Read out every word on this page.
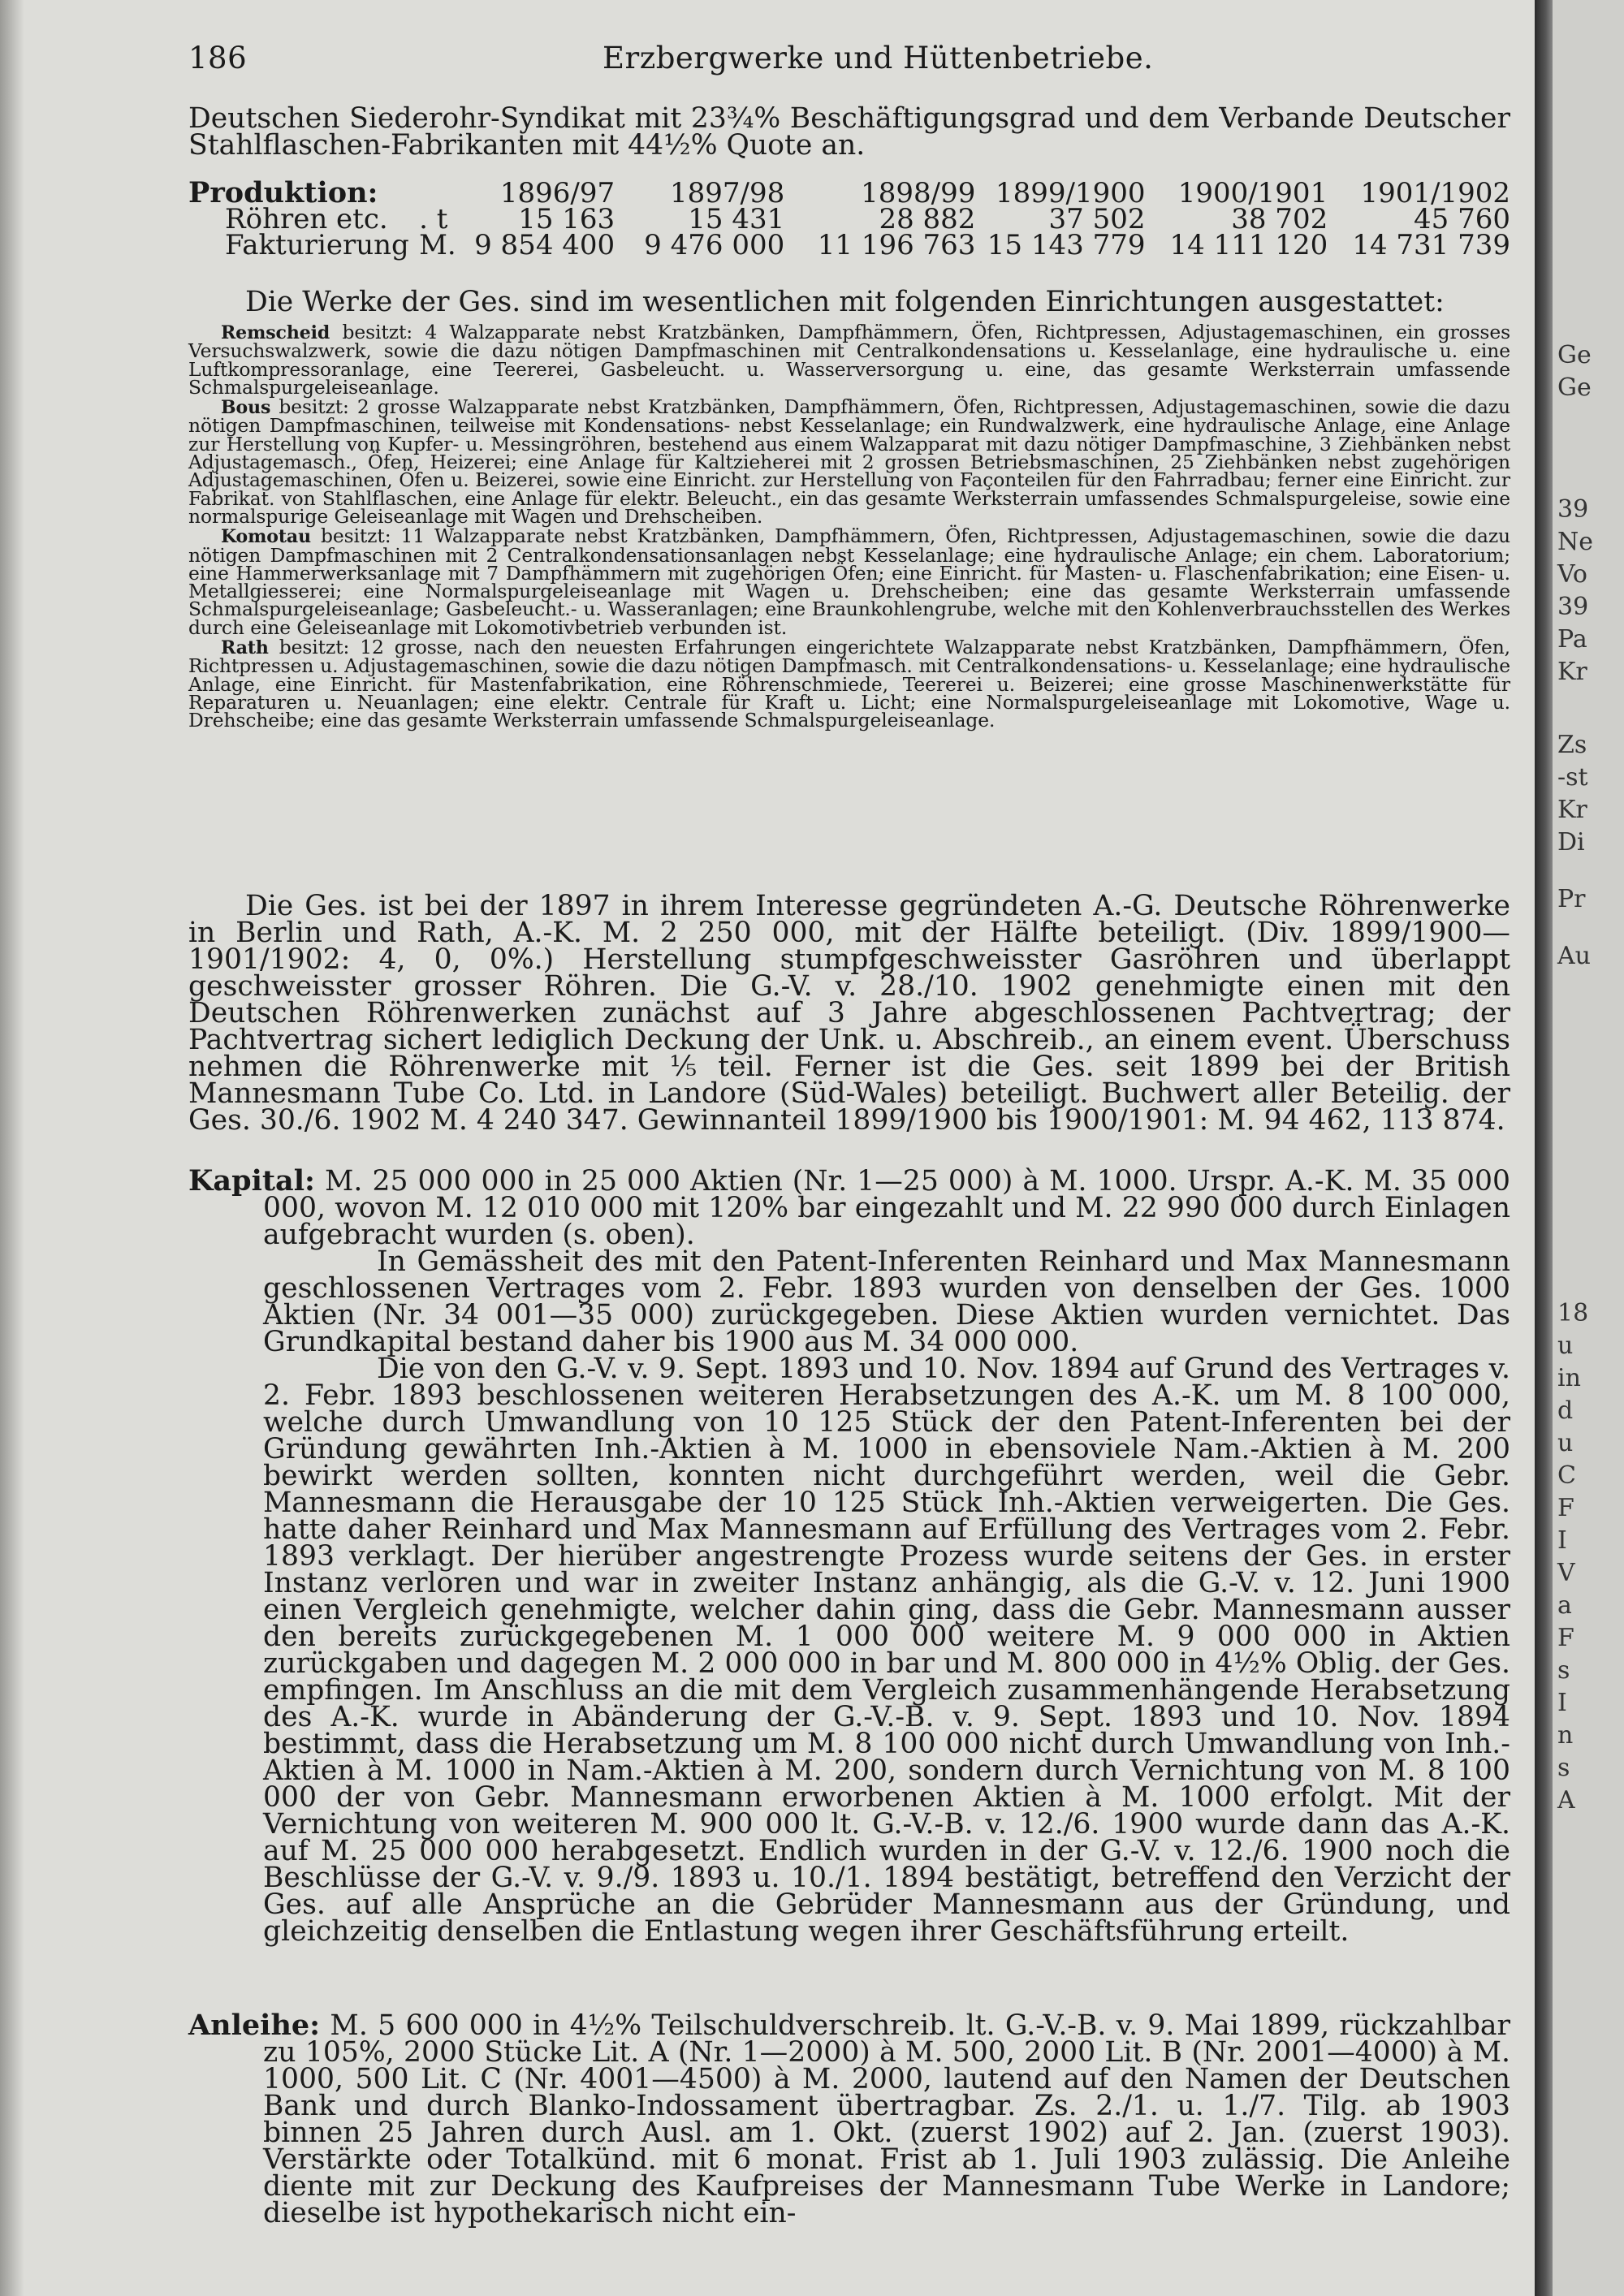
Ge
Ge
39
Ne
Vo
39
Pa
Kr
Zs
-st
Kr
Di
Pr
Au
18
u
in
d
u
C
F
I
V
a
F
s
I
n
s
A
186	Erzbergwerke und Hüttenbetriebe.

Deutschen Siederohr-Syndikat mit 23¾% Beschäftigungsgrad und dem Verbande Deutscher Stahlflaschen-Fabrikanten mit 44½% Quote an.

Produktion:		1896/97	1897/98	1898/99	1899/1900	1900/1901	1901/1902
Röhren etc.	. t	15 163	15 431	28 882	37 502	38 702	45 760
Fakturierung	M.	9 854 400	9 476 000	11 196 763	15 143 779	14 111 120	14 731 739

Die Werke der Ges. sind im wesentlichen mit folgenden Einrichtungen ausgestattet:

Remscheid besitzt: 4 Walzapparate nebst Kratzbänken, Dampfhämmern, Öfen, Richtpressen, Adjustagemaschinen, ein grosses Versuchswalzwerk, sowie die dazu nötigen Dampfmaschinen mit Centralkondensations u. Kesselanlage, eine hydraulische u. eine Luftkompressoranlage, eine Teererei, Gasbeleucht. u. Wasserversorgung u. eine, das gesamte Werksterrain umfassende Schmalspurgeleiseanlage.

Bous besitzt: 2 grosse Walzapparate nebst Kratzbänken, Dampfhämmern, Öfen, Richtpressen, Adjustagemaschinen, sowie die dazu nötigen Dampfmaschinen, teilweise mit Kondensations- nebst Kesselanlage; ein Rundwalzwerk, eine hydraulische Anlage, eine Anlage zur Herstellung von Kupfer- u. Messingröhren, bestehend aus einem Walzapparat mit dazu nötiger Dampfmaschine, 3 Ziehbänken nebst Adjustagemasch., Öfen, Heizerei; eine Anlage für Kaltzieherei mit 2 grossen Betriebsmaschinen, 25 Ziehbänken nebst zugehörigen Adjustagemaschinen, Öfen u. Beizerei, sowie eine Einricht. zur Herstellung von Façonteilen für den Fahrradbau; ferner eine Einricht. zur Fabrikat. von Stahlflaschen, eine Anlage für elektr. Beleucht., ein das gesamte Werksterrain umfassendes Schmalspurgeleise, sowie eine normalspurige Geleiseanlage mit Wagen und Drehscheiben.

Komotau besitzt: 11 Walzapparate nebst Kratzbänken, Dampfhämmern, Öfen, Richtpressen, Adjustagemaschinen, sowie die dazu nötigen Dampfmaschinen mit 2 Centralkondensationsanlagen nebst Kesselanlage; eine hydraulische Anlage; ein chem. Laboratorium; eine Hammerwerksanlage mit 7 Dampfhämmern mit zugehörigen Öfen; eine Einricht. für Masten- u. Flaschenfabrikation; eine Eisen- u. Metallgiesserei; eine Normalspurgeleiseanlage mit Wagen u. Drehscheiben; eine das gesamte Werksterrain umfassende Schmalspurgeleiseanlage; Gasbeleucht.- u. Wasseranlagen; eine Braunkohlengrube, welche mit den Kohlenverbrauchsstellen des Werkes durch eine Geleiseanlage mit Lokomotivbetrieb verbunden ist.

Rath besitzt: 12 grosse, nach den neuesten Erfahrungen eingerichtete Walzapparate nebst Kratzbänken, Dampfhämmern, Öfen, Richtpressen u. Adjustagemaschinen, sowie die dazu nötigen Dampfmasch. mit Centralkondensations- u. Kesselanlage; eine hydraulische Anlage, eine Einricht. für Mastenfabrikation, eine Röhrenschmiede, Teererei u. Beizerei; eine grosse Maschinenwerkstätte für Reparaturen u. Neuanlagen; eine elektr. Centrale für Kraft u. Licht; eine Normalspurgeleiseanlage mit Lokomotive, Wage u. Drehscheibe; eine das gesamte Werksterrain umfassende Schmalspurgeleiseanlage.

Die Ges. ist bei der 1897 in ihrem Interesse gegründeten A.-G. Deutsche Röhrenwerke in Berlin und Rath, A.-K. M. 2 250 000, mit der Hälfte beteiligt. (Div. 1899/1900—1901/1902: 4, 0, 0%.) Herstellung stumpfgeschweisster Gasröhren und überlappt geschweisster grosser Röhren. Die G.-V. v. 28./10. 1902 genehmigte einen mit den Deutschen Röhrenwerken zunächst auf 3 Jahre abgeschlossenen Pachtvertrag; der Pachtvertrag sichert lediglich Deckung der Unk. u. Abschreib., an einem event. Überschuss nehmen die Röhrenwerke mit ⅕ teil. Ferner ist die Ges. seit 1899 bei der British Mannesmann Tube Co. Ltd. in Landore (Süd-Wales) beteiligt. Buchwert aller Beteilig. der Ges. 30./6. 1902 M. 4 240 347. Gewinnanteil 1899/1900 bis 1900/1901: M. 94 462, 113 874.

Kapital: M. 25 000 000 in 25 000 Aktien (Nr. 1—25 000) à M. 1000. Urspr. A.-K. M. 35 000 000, wovon M. 12 010 000 mit 120% bar eingezahlt und M. 22 990 000 durch Einlagen aufgebracht wurden (s. oben).

In Gemässheit des mit den Patent-Inferenten Reinhard und Max Mannesmann geschlossenen Vertrages vom 2. Febr. 1893 wurden von denselben der Ges. 1000 Aktien (Nr. 34 001—35 000) zurückgegeben. Diese Aktien wurden vernichtet. Das Grundkapital bestand daher bis 1900 aus M. 34 000 000.

Die von den G.-V. v. 9. Sept. 1893 und 10. Nov. 1894 auf Grund des Vertrages v. 2. Febr. 1893 beschlossenen weiteren Herabsetzungen des A.-K. um M. 8 100 000, welche durch Umwandlung von 10 125 Stück der den Patent-Inferenten bei der Gründung gewährten Inh.-Aktien à M. 1000 in ebensoviele Nam.-Aktien à M. 200 bewirkt werden sollten, konnten nicht durchgeführt werden, weil die Gebr. Mannesmann die Herausgabe der 10 125 Stück Inh.-Aktien verweigerten. Die Ges. hatte daher Reinhard und Max Mannesmann auf Erfüllung des Vertrages vom 2. Febr. 1893 verklagt. Der hierüber angestrengte Prozess wurde seitens der Ges. in erster Instanz verloren und war in zweiter Instanz anhängig, als die G.-V. v. 12. Juni 1900 einen Vergleich genehmigte, welcher dahin ging, dass die Gebr. Mannesmann ausser den bereits zurückgegebenen M. 1 000 000 weitere M. 9 000 000 in Aktien zurückgaben und dagegen M. 2 000 000 in bar und M. 800 000 in 4½% Oblig. der Ges. empfingen. Im Anschluss an die mit dem Vergleich zusammenhängende Herabsetzung des A.-K. wurde in Abänderung der G.-V.-B. v. 9. Sept. 1893 und 10. Nov. 1894 bestimmt, dass die Herabsetzung um M. 8 100 000 nicht durch Umwandlung von Inh.-Aktien à M. 1000 in Nam.-Aktien à M. 200, sondern durch Vernichtung von M. 8 100 000 der von Gebr. Mannesmann erworbenen Aktien à M. 1000 erfolgt. Mit der Vernichtung von weiteren M. 900 000 lt. G.-V.-B. v. 12./6. 1900 wurde dann das A.-K. auf M. 25 000 000 herabgesetzt. Endlich wurden in der G.-V. v. 12./6. 1900 noch die Beschlüsse der G.-V. v. 9./9. 1893 u. 10./1. 1894 bestätigt, betreffend den Verzicht der Ges. auf alle Ansprüche an die Gebrüder Mannesmann aus der Gründung, und gleichzeitig denselben die Entlastung wegen ihrer Geschäftsführung erteilt.

Anleihe: M. 5 600 000 in 4½% Teilschuldverschreib. lt. G.-V.-B. v. 9. Mai 1899, rückzahlbar zu 105%, 2000 Stücke Lit. A (Nr. 1—2000) à M. 500, 2000 Lit. B (Nr. 2001—4000) à M. 1000, 500 Lit. C (Nr. 4001—4500) à M. 2000, lautend auf den Namen der Deutschen Bank und durch Blanko-Indossament übertragbar. Zs. 2./1. u. 1./7. Tilg. ab 1903 binnen 25 Jahren durch Ausl. am 1. Okt. (zuerst 1902) auf 2. Jan. (zuerst 1903). Verstärkte oder Totalkünd. mit 6 monat. Frist ab 1. Juli 1903 zulässig. Die Anleihe diente mit zur Deckung des Kaufpreises der Mannesmann Tube Werke in Landore; dieselbe ist hypothekarisch nicht ein-
